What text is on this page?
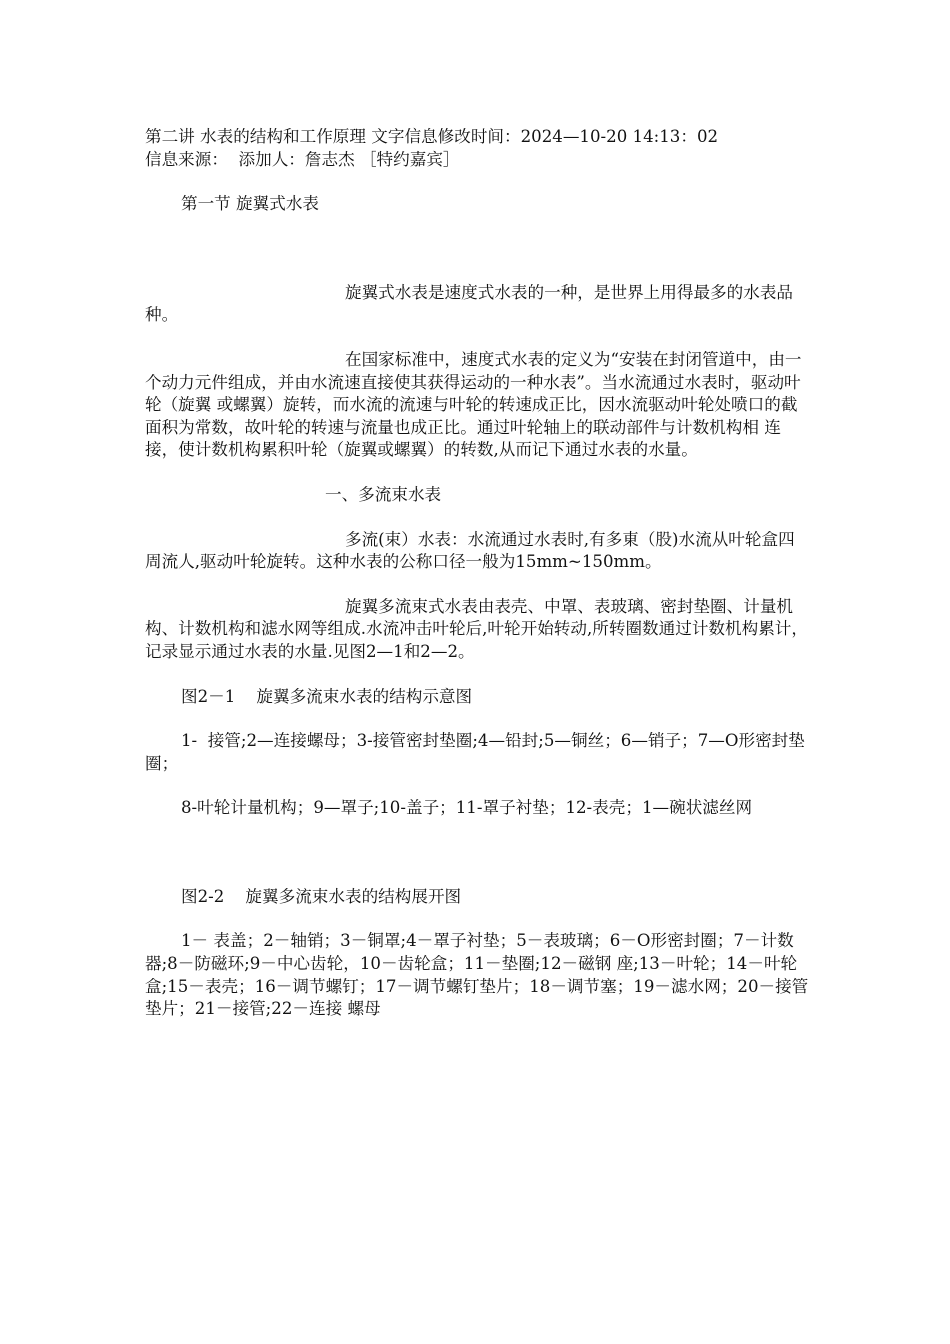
第二讲 水表的结构和工作原理 文字信息修改时间：2024—10-20 14:13：02

信息来源：  添加人：詹志杰 ［特约嘉宾］

第一节 旋翼式水表

旋翼式水表是速度式水表的一种，是世界上用得最多的水表品种。

在国家标准中，速度式水表的定义为“安装在封闭管道中，由一个动力元件组成，并由水流速直接使其获得运动的一种水表”。当水流通过水表时，驱动叶轮（旋翼 或螺翼）旋转，而水流的流速与叶轮的转速成正比，因水流驱动叶轮处喷口的截面积为常数，故叶轮的转速与流量也成正比。通过叶轮轴上的联动部件与计数机构相 连接，使计数机构累积叶轮（旋翼或螺翼）的转数,从而记下通过水表的水量。

一、多流束水表

多流(束）水表：水流通过水表时,有多東（股)水流从叶轮盒四周流人,驱动叶轮旋转。这种水表的公称口径一般为15mm~150mm。

旋翼多流束式水表由表壳、中罩、表玻璃、密封垫圈、计量机构、计数机构和滤水网等组成.水流冲击叶轮后,叶轮开始转动,所转圈数通过计数机构累计，记录显示通过水表的水量.见图2—1和2—2。

图2－1    旋翼多流束水表的结构示意图

1-  接管;2—连接螺母；3-接管密封垫圈;4—铅封;5—铜丝；6—销子；7—O形密封垫圈；

8-叶轮计量机构；9—罩子;10-盖子；11-罩子衬垫；12-表壳；1—碗状滤丝网

图2-2    旋翼多流束水表的结构展开图

1－ 表盖；2－轴销；3－铜罩;4－罩子衬垫；5－表玻璃；6－O形密封圈；7－计数器;8－防磁环;9－中心齿轮，10－齿轮盒；11－垫圈;12－磁钢 座;13－叶轮；14－叶轮盒;15－表壳；16－调节螺钉；17－调节螺钉垫片；18－调节塞；19－滤水网；20－接管垫片；21－接管;22－连接 螺母
